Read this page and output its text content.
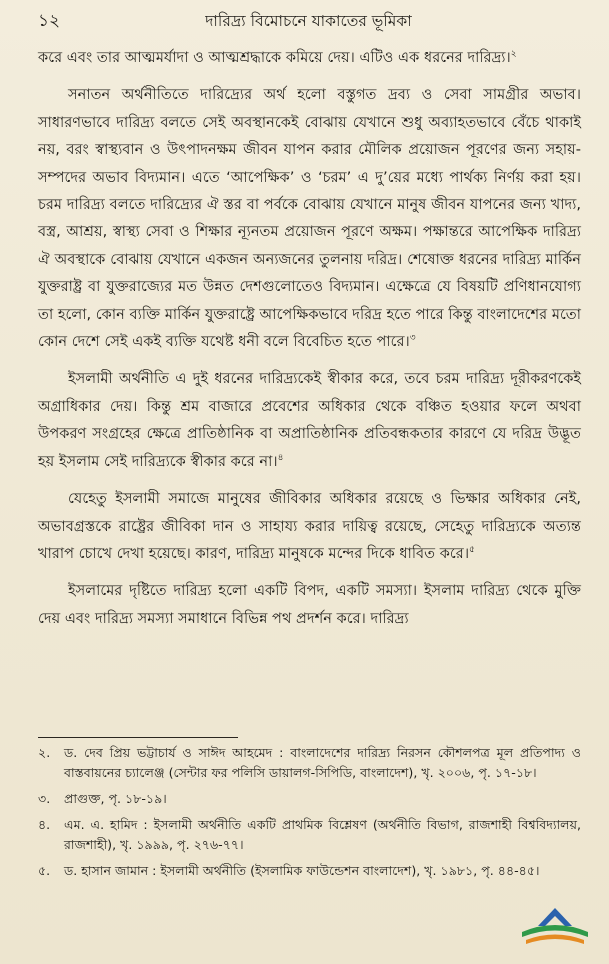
১২	দারিদ্র্য বিমোচনে যাকাতের ভূমিকা

করে এবং তার আত্মমর্যাদা ও আত্মশ্রদ্ধাকে কমিয়ে দেয়। এটিও এক ধরনের দারিদ্র্য।$^২$

সনাতন অর্থনীতিতে দারিদ্র্যের অর্থ হলো বস্তুগত দ্রব্য ও সেবা সামগ্রীর অভাব। সাধারণভাবে দারিদ্র্য বলতে সেই অবস্থানকেই বোঝায় যেখানে শুধু অব্যাহতভাবে বেঁচে থাকাই নয়, বরং স্বাস্থ্যবান ও উৎপাদনক্ষম জীবন যাপন করার মৌলিক প্রয়োজন পূরণের জন্য সহায়-সম্পদের অভাব বিদ্যমান। এতে ‘আপেক্ষিক’ ও ‘চরম’ এ দু’য়ের মধ্যে পার্থক্য নির্ণয় করা হয়। চরম দারিদ্র্য বলতে দারিদ্র্যের ঐ স্তর বা পর্বকে বোঝায় যেখানে মানুষ জীবন যাপনের জন্য খাদ্য, বস্ত্র, আশ্রয়, স্বাস্থ্য সেবা ও শিক্ষার ন্যূনতম প্রয়োজন পূরণে অক্ষম। পক্ষান্তরে আপেক্ষিক দারিদ্র্য ঐ অবস্থাকে বোঝায় যেখানে একজন অন্যজনের তুলনায় দরিদ্র। শেষোক্ত ধরনের দারিদ্র্য মার্কিন যুক্তরাষ্ট্র বা যুক্তরাজ্যের মত উন্নত দেশগুলোতেও বিদ্যমান। এক্ষেত্রে যে বিষয়টি প্রণিধানযোগ্য তা হলো, কোন ব্যক্তি মার্কিন যুক্তরাষ্ট্রে আপেক্ষিকভাবে দরিদ্র হতে পারে কিন্তু বাংলাদেশের মতো কোন দেশে সেই একই ব্যক্তি যথেষ্ট ধনী বলে বিবেচিত হতে পারে।$^৩$

ইসলামী অর্থনীতি এ দুই ধরনের দারিদ্র্যকেই স্বীকার করে, তবে চরম দারিদ্র্য দূরীকরণকেই অগ্রাধিকার দেয়। কিন্তু শ্রম বাজারে প্রবেশের অধিকার থেকে বঞ্চিত হওয়ার ফলে অথবা উপকরণ সংগ্রহের ক্ষেত্রে প্রাতিষ্ঠানিক বা অপ্রাতিষ্ঠানিক প্রতিবন্ধকতার কারণে যে দরিদ্র উদ্ভূত হয় ইসলাম সেই দারিদ্র্যকে স্বীকার করে না।$^৪$

যেহেতু ইসলামী সমাজে মানুষের জীবিকার অধিকার রয়েছে ও ভিক্ষার অধিকার নেই, অভাবগ্রস্তকে রাষ্ট্রের জীবিকা দান ও সাহায্য করার দায়িত্ব রয়েছে, সেহেতু দারিদ্র্যকে অত্যন্ত খারাপ চোখে দেখা হয়েছে। কারণ, দারিদ্র্য মানুষকে মন্দের দিকে ধাবিত করে।$^৫$

ইসলামের দৃষ্টিতে দারিদ্র্য হলো একটি বিপদ, একটি সমস্যা। ইসলাম দারিদ্র্য থেকে মুক্তি দেয় এবং দারিদ্র্য সমস্যা সমাধানে বিভিন্ন পথ প্রদর্শন করে। দারিদ্র্য

২.	ড. দেব প্রিয় ভট্টাচার্য ও সাঈদ আহমেদ : বাংলাদেশের দারিদ্র্য নিরসন কৌশলপত্র মূল প্রতিপাদ্য ও বাস্তবায়নের চ্যালেঞ্জ (সেন্টার ফর পলিসি ডায়ালগ-সিপিডি, বাংলাদেশ), খৃ. ২০০৬, পৃ. ১৭-১৮।
৩.	প্রাগুক্ত, পৃ. ১৮-১৯।
৪.	এম. এ. হামিদ : ইসলামী অর্থনীতি একটি প্রাথমিক বিশ্লেষণ (অর্থনীতি বিভাগ, রাজশাহী বিশ্ববিদ্যালয়, রাজশাহী), খৃ. ১৯৯৯, পৃ. ২৭৬-৭৭।
৫.	ড. হাসান জামান : ইসলামী অর্থনীতি (ইসলামিক ফাউন্ডেশন বাংলাদেশ), খৃ. ১৯৮১, পৃ. ৪৪-৪৫।
